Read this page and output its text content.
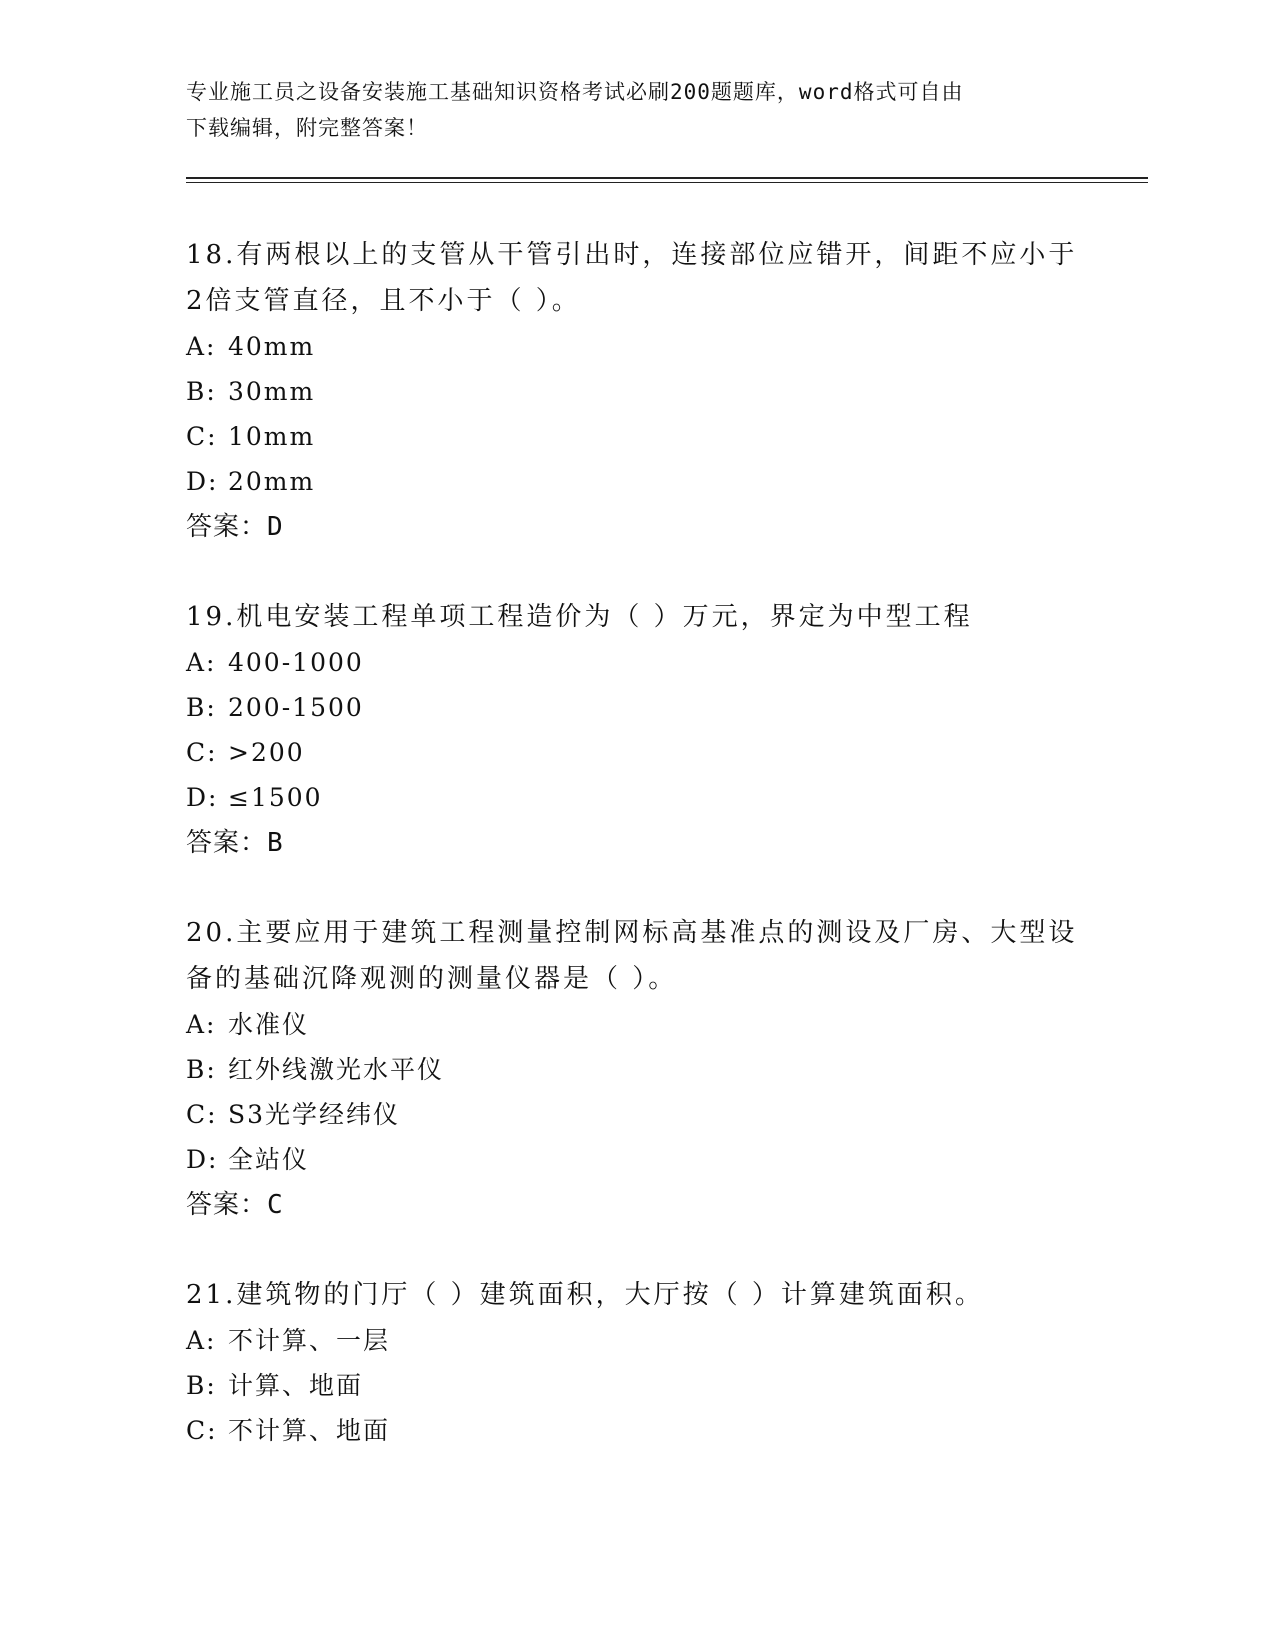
专业施工员之设备安装施工基础知识资格考试必刷200题题库，word格式可自由
下载编辑，附完整答案！

18.有两根以上的支管从干管引出时，连接部位应错开，间距不应小于

2倍支管直径，且不小于（ ）。

A: 40mm

B: 30mm

C: 10mm

D: 20mm

答案：D

19.机电安装工程单项工程造价为（ ）万元，界定为中型工程

A: 400-1000

B: 200-1500

C: >200

D: ≤1500

答案：B

20.主要应用于建筑工程测量控制网标高基准点的测设及厂房、大型设

备的基础沉降观测的测量仪器是（ ）。

A: 水准仪

B: 红外线激光水平仪

C: S3光学经纬仪

D: 全站仪

答案：C

21.建筑物的门厅（ ）建筑面积，大厅按（ ）计算建筑面积。

A: 不计算、一层

B: 计算、地面

C: 不计算、地面
